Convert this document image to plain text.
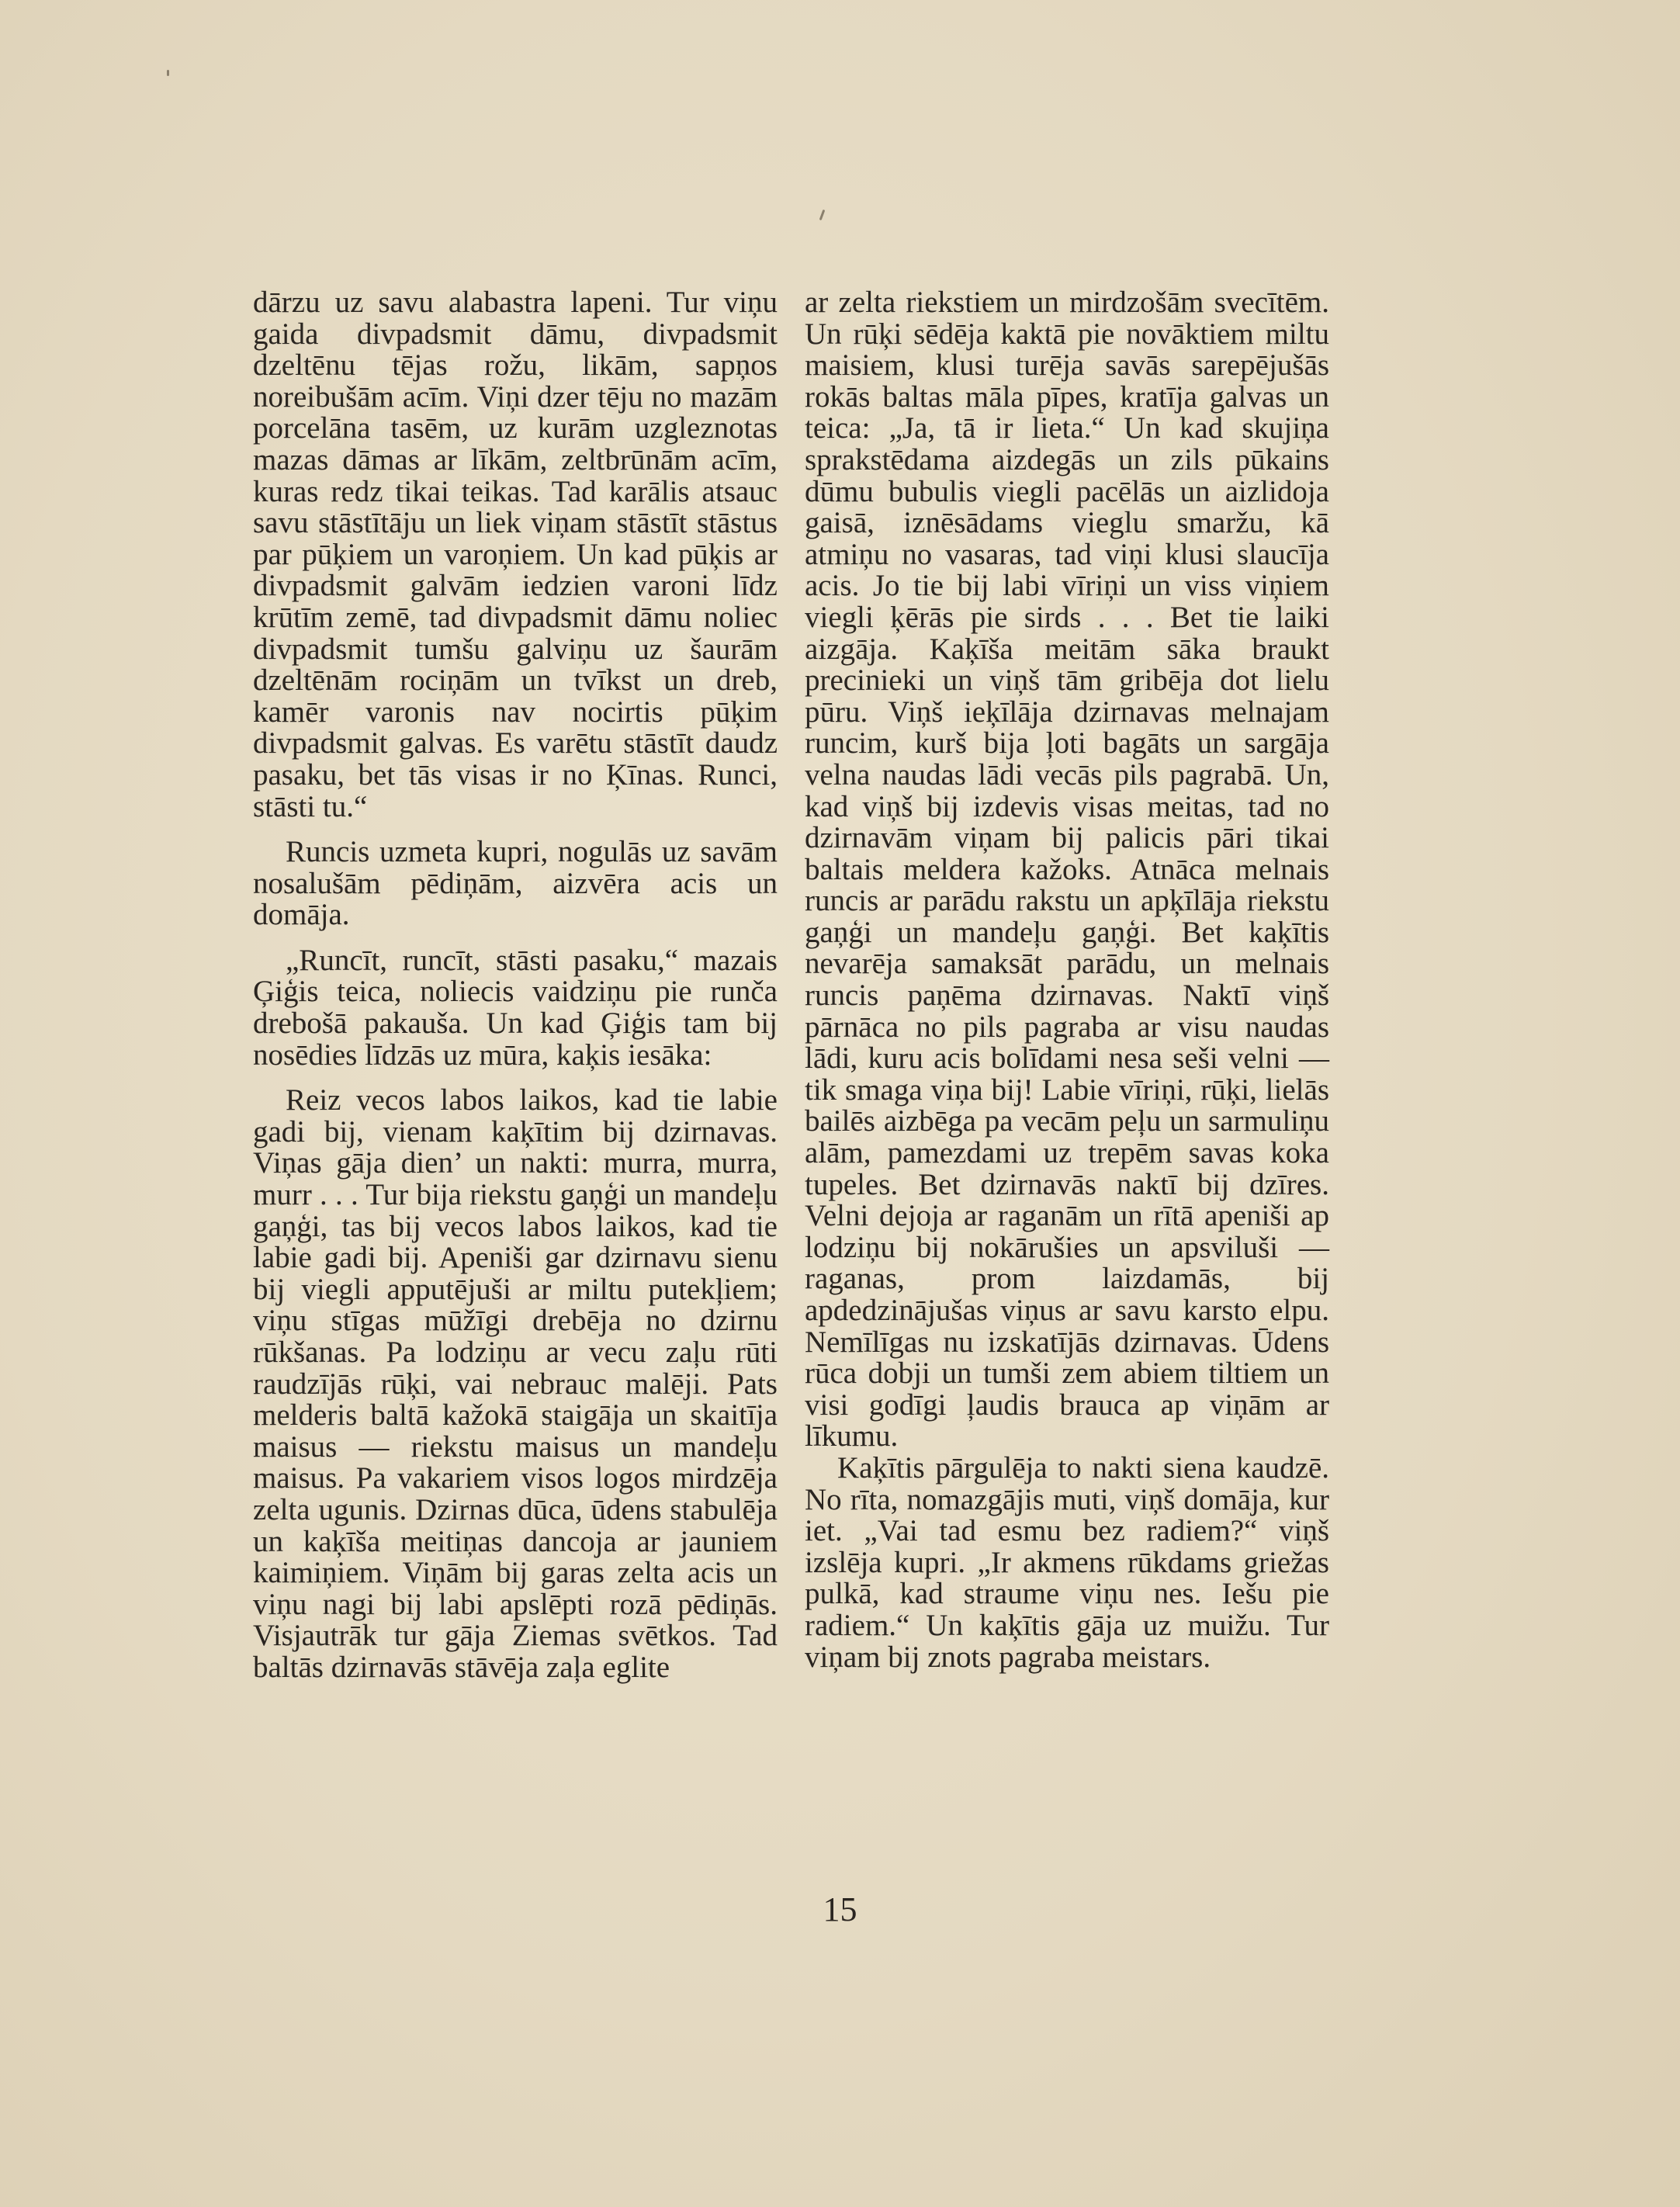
dārzu uz savu alabastra lapeni. Tur viņu gaida divpadsmit dāmu, divpadsmit dzeltēnu tējas rožu, likām, sapņos noreibušām acīm. Viņi dzer tēju no mazām porcelāna tasēm, uz kurām uzgleznotas mazas dāmas ar līkām, zeltbrūnām acīm, kuras redz tikai teikas. Tad karālis atsauc savu stāstītāju un liek viņam stāstīt stāstus par pūķiem un varoņiem. Un kad pūķis ar divpadsmit galvām iedzien varoni līdz krūtīm zemē, tad divpadsmit dāmu noliec divpadsmit tumšu galviņu uz šaurām dzeltēnām rociņām un tvīkst un dreb, kamēr varonis nav nocirtis pūķim divpadsmit galvas. Es varētu stāstīt daudz pasaku, bet tās visas ir no Ķīnas. Runci, stāsti tu.“

Runcis uzmeta kupri, nogulās uz savām nosalušām pēdiņām, aizvēra acis un domāja.

„Runcīt, runcīt, stāsti pasaku,“ mazais Ģiģis teica, noliecis vaidziņu pie runča drebošā pakauša. Un kad Ģiģis tam bij nosēdies līdzās uz mūra, kaķis iesāka:

Reiz vecos labos laikos, kad tie labie gadi bij, vienam kaķītim bij dzirnavas. Viņas gāja dien’ un nakti: murra, murra, murr . . . Tur bija riekstu gaņģi un mandeļu gaņģi, tas bij vecos labos laikos, kad tie labie gadi bij. Apeniši gar dzirnavu sienu bij viegli apputējuši ar miltu putekļiem; viņu stīgas mūžīgi drebēja no dzirnu rūkšanas. Pa lodziņu ar vecu zaļu rūti raudzījās rūķi, vai nebrauc malēji. Pats melderis baltā kažokā staigāja un skaitīja maisus — riekstu maisus un mandeļu maisus. Pa vakariem visos logos mirdzēja zelta ugunis. Dzirnas dūca, ūdens stabulēja un kaķīša meitiņas dancoja ar jauniem kaimiņiem. Viņām bij garas zelta acis un viņu nagi bij labi apslēpti rozā pēdiņās. Visjautrāk tur gāja Ziemas svētkos. Tad baltās dzirnavās stāvēja zaļa eglite

ar zelta riekstiem un mirdzošām svecītēm. Un rūķi sēdēja kaktā pie novāktiem miltu maisiem, klusi turēja savās sarepējušās rokās baltas māla pīpes, kratīja galvas un teica: „Ja, tā ir lieta.“ Un kad skujiņa sprakstēdama aizdegās un zils pūkains dūmu bubulis viegli pacēlās un aizlidoja gaisā, iznēsādams vieglu smaržu, kā atmiņu no vasaras, tad viņi klusi slaucīja acis. Jo tie bij labi vīriņi un viss viņiem viegli ķērās pie sirds . . . Bet tie laiki aizgāja. Kaķīša meitām sāka braukt precinieki un viņš tām gribēja dot lielu pūru. Viņš ieķīlāja dzirnavas melnajam runcim, kurš bija ļoti bagāts un sargāja velna naudas lādi vecās pils pagrabā. Un, kad viņš bij izdevis visas meitas, tad no dzirnavām viņam bij palicis pāri tikai baltais meldera kažoks. Atnāca melnais runcis ar parādu rakstu un apķīlāja riekstu gaņģi un mandeļu gaņģi. Bet kaķītis nevarēja samaksāt parādu, un melnais runcis paņēma dzirnavas. Naktī viņš pārnāca no pils pagraba ar visu naudas lādi, kuru acis bolīdami nesa seši velni — tik smaga viņa bij! Labie vīriņi, rūķi, lielās bailēs aizbēga pa vecām peļu un sarmuliņu alām, pamezdami uz trepēm savas koka tupeles. Bet dzirnavās naktī bij dzīres. Velni dejoja ar raganām un rītā apeniši ap lodziņu bij nokārušies un apsviluši — raganas, prom laizdamās, bij apdedzinājušas viņus ar savu karsto elpu. Nemīlīgas nu izskatījās dzirnavas. Ūdens rūca dobji un tumši zem abiem tiltiem un visi godīgi ļaudis brauca ap viņām ar līkumu.

Kaķītis pārgulēja to nakti siena kaudzē. No rīta, nomazgājis muti, viņš domāja, kur iet. „Vai tad esmu bez radiem?“ viņš izslēja kupri. „Ir akmens rūkdams griežas pulkā, kad straume viņu nes. Iešu pie radiem.“ Un kaķītis gāja uz muižu. Tur viņam bij znots pagraba meistars.

15
